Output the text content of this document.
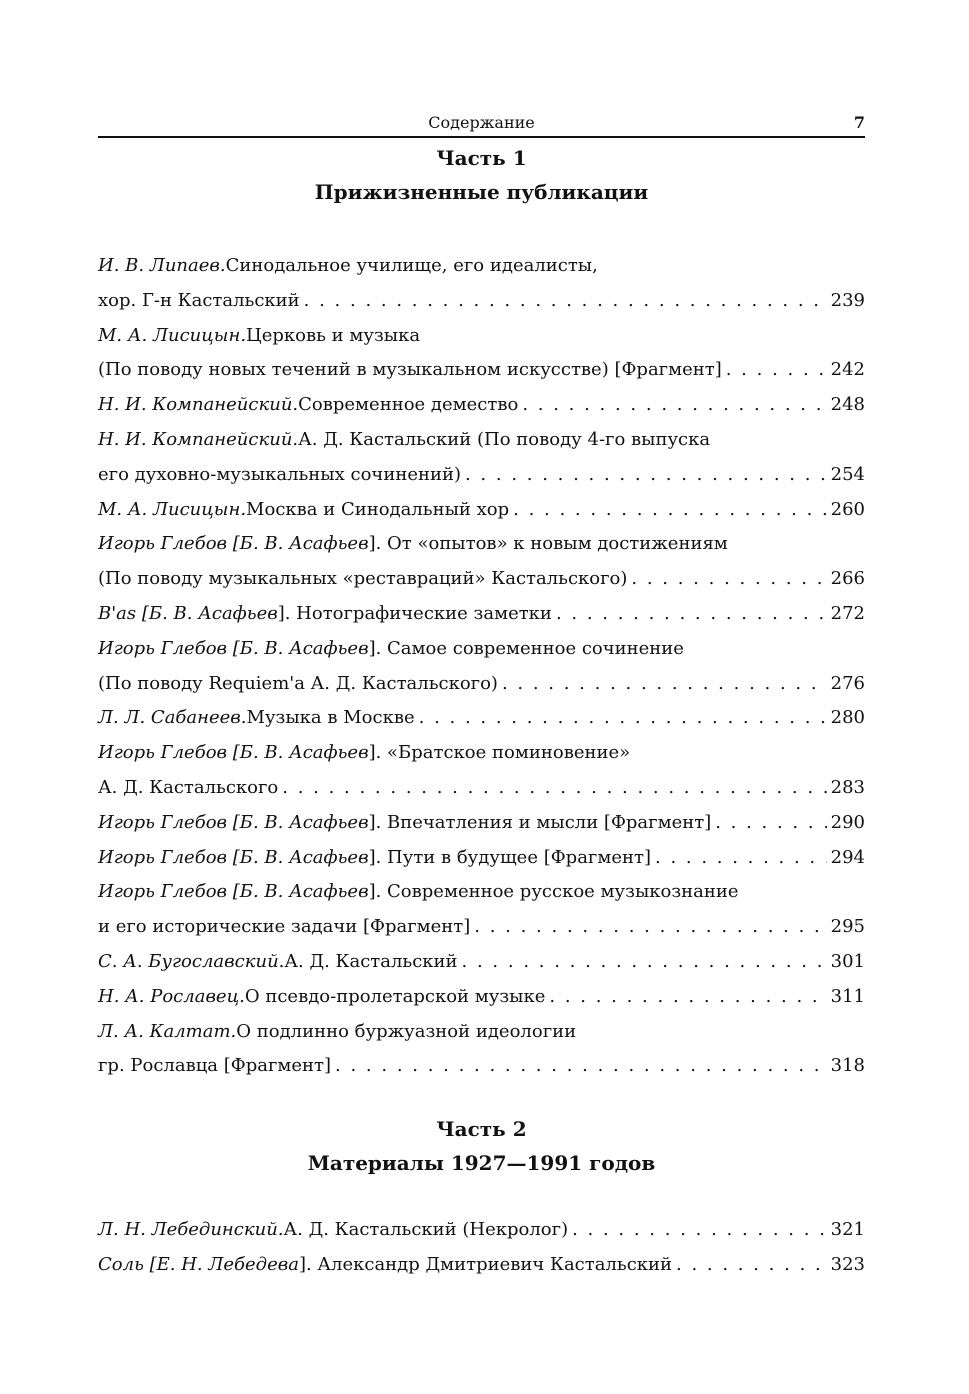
Содержание	7
Часть 1
Прижизненные публикации
И. В. Липаев. Синодальное училище, его идеалисты,
хор. Г-н Кастальский . . .	239
М. А. Лисицын. Церковь и музыка
(По поводу новых течений в музыкальном искусстве) [Фрагмент] . . .	242
Н. И. Компанейский. Современное демество . . .	248
Н. И. Компанейский. А. Д. Кастальский (По поводу 4-го выпуска
его духовно-музыкальных сочинений) . . .	254
М. А. Лисицын. Москва и Синодальный хор . . .	260
Игорь Глебов [ Б. В. Асафьев ]. От «опытов» к новым достижениям
(По поводу музыкальных «реставраций» Кастальского) . . .	266
B'as [ Б. В. Асафьев ]. Нотографические заметки . . .	272
Игорь Глебов [ Б. В. Асафьев ]. Самое современное сочинение
(По поводу Requiem'а А. Д. Кастальского) . . .	276
Л. Л. Сабанеев. Музыка в Москве . . .	280
Игорь Глебов [ Б. В. Асафьев ]. «Братское поминовение»
А. Д. Кастальского . . .	283
Игорь Глебов [ Б. В. Асафьев ]. Впечатления и мысли [Фрагмент] . . .	290
Игорь Глебов [ Б. В. Асафьев ]. Пути в будущее [Фрагмент] . . .	294
Игорь Глебов [ Б. В. Асафьев ]. Современное русское музыкознание
и его исторические задачи [Фрагмент] . . .	295
С. А. Бугославский. А. Д. Кастальский . . .	301
Н. А. Рославец. О псевдо-пролетарской музыке . . .	311
Л. А. Калтат. О подлинно буржуазной идеологии
гр. Рославца [Фрагмент] . . .	318
Часть 2
Материалы 1927—1991 годов
Л. Н. Лебединский. А. Д. Кастальский (Некролог) . . .	321
Соль [ Е. Н. Лебедева ]. Александр Дмитриевич Кастальский . . .	323
